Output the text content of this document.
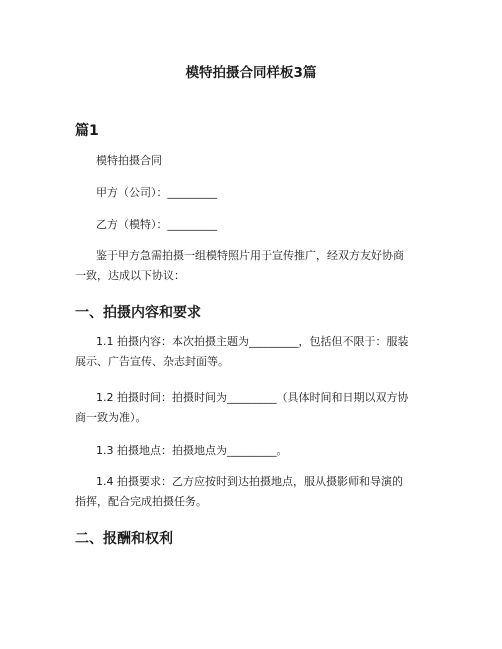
模特拍摄合同样板3篇
篇1
模特拍摄合同
甲方（公司）：_________
乙方（模特）：_________
鉴于甲方急需拍摄一组模特照片用于宣传推广，经双方友好协商
一致，达成以下协议：
一、拍摄内容和要求
1.1 拍摄内容：本次拍摄主题为_________，包括但不限于：服装
展示、广告宣传、杂志封面等。
1.2 拍摄时间：拍摄时间为_________（具体时间和日期以双方协
商一致为准）。
1.3 拍摄地点：拍摄地点为_________。
1.4 拍摄要求：乙方应按时到达拍摄地点，服从摄影师和导演的
指挥，配合完成拍摄任务。
二、报酬和权利
